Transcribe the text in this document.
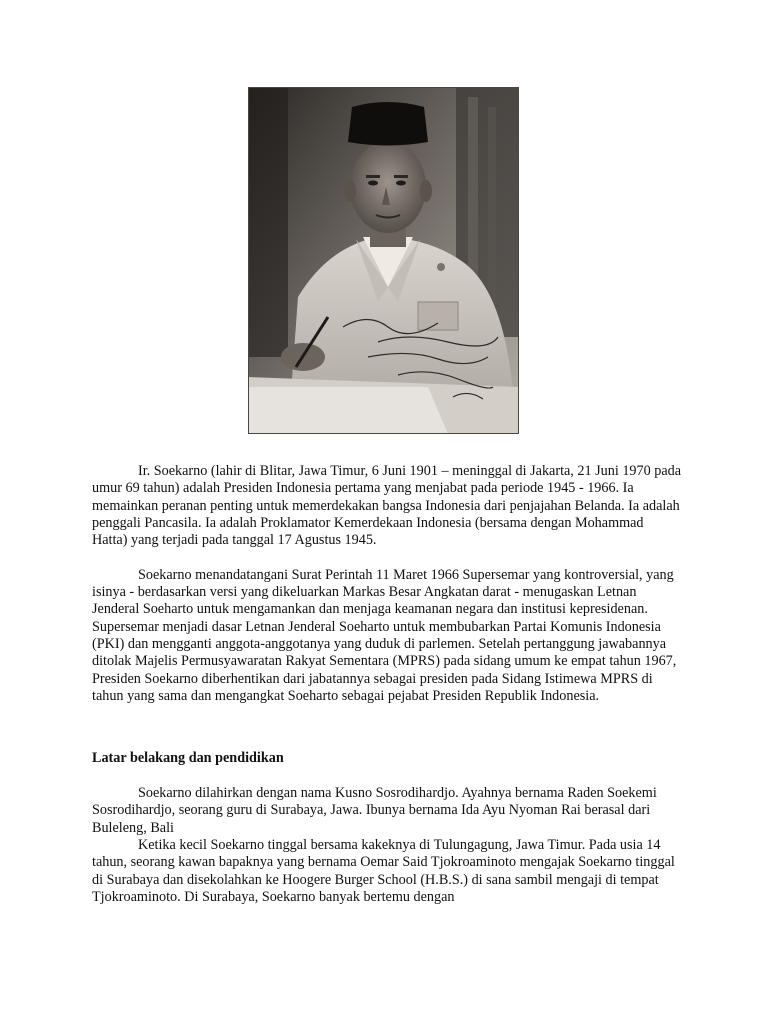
Ir. Soekarno (lahir di Blitar, Jawa Timur, 6 Juni 1901 – meninggal di Jakarta, 21 Juni 1970 pada umur 69 tahun) adalah Presiden Indonesia pertama yang menjabat pada periode 1945 - 1966. Ia memainkan peranan penting untuk memerdekakan bangsa Indonesia dari penjajahan Belanda. Ia adalah penggali Pancasila. Ia adalah Proklamator Kemerdekaan Indonesia (bersama dengan Mohammad Hatta) yang terjadi pada tanggal 17 Agustus 1945.

Soekarno menandatangani Surat Perintah 11 Maret 1966 Supersemar yang kontroversial, yang isinya - berdasarkan versi yang dikeluarkan Markas Besar Angkatan darat - menugaskan Letnan Jenderal Soeharto untuk mengamankan dan menjaga keamanan negara dan institusi kepresidenan. Supersemar menjadi dasar Letnan Jenderal Soeharto untuk membubarkan Partai Komunis Indonesia (PKI) dan mengganti anggota-anggotanya yang duduk di parlemen. Setelah pertanggung jawabannya ditolak Majelis Permusyawaratan Rakyat Sementara (MPRS) pada sidang umum ke empat tahun 1967, Presiden Soekarno diberhentikan dari jabatannya sebagai presiden pada Sidang Istimewa MPRS di tahun yang sama dan mengangkat Soeharto sebagai pejabat Presiden Republik Indonesia.

Latar belakang dan pendidikan

Soekarno dilahirkan dengan nama Kusno Sosrodihardjo. Ayahnya bernama Raden Soekemi Sosrodihardjo, seorang guru di Surabaya, Jawa. Ibunya bernama Ida Ayu Nyoman Rai berasal dari Buleleng, Bali

Ketika kecil Soekarno tinggal bersama kakeknya di Tulungagung, Jawa Timur. Pada usia 14 tahun, seorang kawan bapaknya yang bernama Oemar Said Tjokroaminoto mengajak Soekarno tinggal di Surabaya dan disekolahkan ke Hoogere Burger School (H.B.S.) di sana sambil mengaji di tempat Tjokroaminoto. Di Surabaya, Soekarno banyak bertemu dengan
